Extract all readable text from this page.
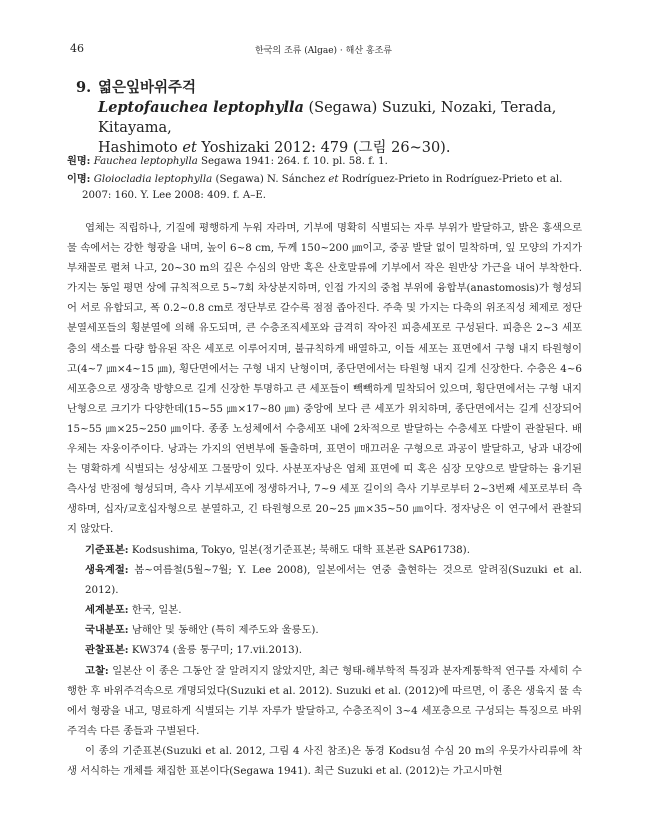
46	한국의 조류 (Algae) · 해산 홍조류
9. 엷은잎바위주걱
Leptofauchea leptophylla (Segawa) Suzuki, Nozaki, Terada, Kitayama,
Hashimoto et Yoshizaki 2012: 479 (그림 26~30).
원명: Fauchea leptophylla Segawa 1941: 264. f. 10. pl. 58. f. 1.
이명: Gloiocladia leptophylla (Segawa) N. Sánchez et Rodríguez-Prieto in Rodríguez-Prieto et al.
2007: 160. Y. Lee 2008: 409. f. A–E.

엽체는 직립하나, 기질에 평행하게 누워 자라며, 기부에 명확히 식별되는 자루 부위가 발달하고, 밝은 홍색으로 물 속에서는 강한 형광을 내며, 높이 6~8 cm, 두께 150~200 ㎛이고, 중공 발달 없이 밀착하며, 잎 모양의 가지가 부채꼴로 펼쳐 나고, 20~30 m의 깊은 수심의 암반 혹은 산호말류에 기부에서 작은 원반상 가근을 내어 부착한다. 가지는 동일 평면 상에 규칙적으로 5~7회 차상분지하며, 인접 가지의 중첩 부위에 융합부(anastomosis)가 형성되어 서로 유합되고, 폭 0.2~0.8 cm로 정단부로 갈수록 점점 좁아진다. 주축 및 가지는 다축의 위조직성 체제로 정단 분열세포들의 횡분열에 의해 유도되며, 큰 수층조직세포와 급격히 작아진 피층세포로 구성된다. 피층은 2~3 세포층의 색소를 다량 함유된 작은 세포로 이루어지며, 불규칙하게 배열하고, 이들 세포는 표면에서 구형 내지 타원형이고(4~7 ㎛×4~15 ㎛), 횡단면에서는 구형 내지 난형이며, 종단면에서는 타원형 내지 길게 신장한다. 수층은 4~6 세포층으로 생장축 방향으로 길게 신장한 투명하고 큰 세포들이 빽빽하게 밀착되어 있으며, 횡단면에서는 구형 내지 난형으로 크기가 다양한데(15~55 ㎛×17~80 ㎛) 중앙에 보다 큰 세포가 위치하며, 종단면에서는 길게 신장되어 15~55 ㎛×25~250 ㎛이다. 종종 노성체에서 수층세포 내에 2차적으로 발달하는 수층세포 다발이 관찰된다. 배우체는 자웅이주이다. 낭과는 가지의 연변부에 돌출하며, 표면이 매끄러운 구형으로 과공이 발달하고, 낭과 내강에는 명확하게 식별되는 성상세포 그물망이 있다. 사분포자낭은 엽체 표면에 띠 혹은 심장 모양으로 발달하는 융기된 측사성 반점에 형성되며, 측사 기부세포에 정생하거나, 7~9 세포 길이의 측사 기부로부터 2~3번째 세포로부터 측생하며, 십자/교호십자형으로 분열하고, 긴 타원형으로 20~25 ㎛×35~50 ㎛이다. 정자낭은 이 연구에서 관찰되지 않았다.

기준표본: Kodsushima, Tokyo, 일본(정기준표본; 북해도 대학 표본관 SAP61738).

생육계절: 봄~여름철(5월~7월; Y. Lee 2008), 일본에서는 연중 출현하는 것으로 알려짐(Suzuki et al. 2012).

세계분포: 한국, 일본.

국내분포: 남해안 및 동해안 (특히 제주도와 울릉도).

관찰표본: KW374 (울릉 통구미; 17.vii.2013).

고찰: 일본산 이 종은 그동안 잘 알려지지 않았지만, 최근 형태-해부학적 특징과 분자계통학적 연구를 자세히 수행한 후 바위주걱속으로 개명되었다(Suzuki et al. 2012). Suzuki et al. (2012)에 따르면, 이 종은 생육지 물 속에서 형광을 내고, 명료하게 식별되는 기부 자루가 발달하고, 수층조직이 3~4 세포층으로 구성되는 특징으로 바위주걱속 다른 종들과 구별된다.

이 종의 기준표본(Suzuki et al. 2012, 그림 4 사진 참조)은 동경 Kodsu섬 수심 20 m의 우뭇가사리류에 착생 서식하는 개체를 채집한 표본이다(Segawa 1941). 최근 Suzuki et al. (2012)는 가고시마현
